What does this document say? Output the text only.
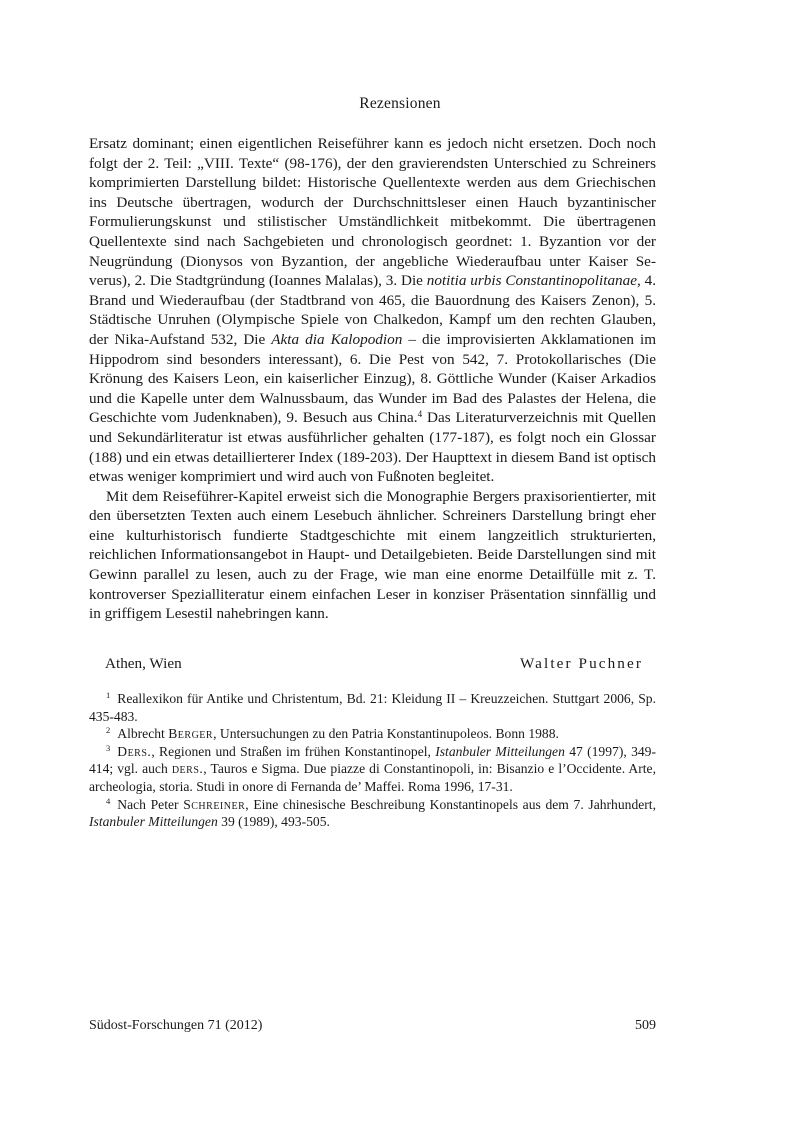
Rezensionen

Ersatz dominant; einen eigentlichen Reiseführer kann es jedoch nicht ersetzen. Doch noch folgt der 2. Teil: „VIII. Texte“ (98-176), der den gravierendsten Unterschied zu Schreiners komprimierten Darstellung bildet: Historische Quellentexte werden aus dem Griechischen ins Deutsche übertragen, wodurch der Durchschnittsleser einen Hauch byzantinischer Formulierungskunst und stilistischer Umständlichkeit mitbekommt. Die übertragenen Quellentexte sind nach Sachgebieten und chronologisch geordnet: 1. Byzantion vor der Neugründung (Dionysos von Byzantion, der angebliche Wiederaufbau unter Kaiser Severus), 2. Die Stadtgründung (Ioannes Malalas), 3. Die notitia urbis Constantinopolitanae, 4. Brand und Wiederaufbau (der Stadtbrand von 465, die Bauordnung des Kaisers Zenon), 5. Städtische Unruhen (Olympische Spiele von Chalkedon, Kampf um den rechten Glauben, der Nika-Aufstand 532, Die Akta dia Kalopodion – die improvisierten Akklamationen im Hippodrom sind besonders interessant), 6. Die Pest von 542, 7. Protokollarisches (Die Krönung des Kaisers Leon, ein kaiserlicher Einzug), 8. Göttliche Wunder (Kaiser Arkadios und die Kapelle unter dem Walnussbaum, das Wunder im Bad des Palastes der Helena, die Geschichte vom Judenknaben), 9. Besuch aus China.$^4$ Das Literaturverzeichnis mit Quellen und Sekundärliteratur ist etwas ausführlicher gehalten (177-187), es folgt noch ein Glossar (188) und ein etwas detaillierterer Index (189-203). Der Haupttext in diesem Band ist optisch etwas weniger komprimiert und wird auch von Fußnoten begleitet.

Mit dem Reiseführer-Kapitel erweist sich die Monographie Bergers praxisorientierter, mit den übersetzten Texten auch einem Lesebuch ähnlicher. Schreiners Darstellung bringt eher eine kulturhistorisch fundierte Stadtgeschichte mit einem langzeitlich strukturierten, reichlichen Informationsangebot in Haupt- und Detailgebieten. Beide Darstellungen sind mit Gewinn parallel zu lesen, auch zu der Frage, wie man eine enorme Detailfülle mit z. T. kontroverser Spezialliteratur einem einfachen Leser in konziser Präsentation sinnfällig und in griffigem Lesestil nahebringen kann.

Athen, Wien	Walter Puchner

$^1$ Reallexikon für Antike und Christentum, Bd. 21: Kleidung II – Kreuzzeichen. Stuttgart 2006, Sp. 435-483.

$^2$ Albrecht Berger, Untersuchungen zu den Patria Konstantinupoleos. Bonn 1988.

$^3$ Ders., Regionen und Straßen im frühen Konstantinopel, Istanbuler Mitteilungen 47 (1997), 349-414; vgl. auch ders., Tauros e Sigma. Due piazze di Constantinopoli, in: Bisanzio e l’Occidente. Arte, archeologia, storia. Studi in onore di Fernanda de’ Maffei. Roma 1996, 17-31.

$^4$ Nach Peter Schreiner, Eine chinesische Beschreibung Konstantinopels aus dem 7. Jahrhundert, Istanbuler Mitteilungen 39 (1989), 493-505.

Südost-Forschungen 71 (2012)	509
